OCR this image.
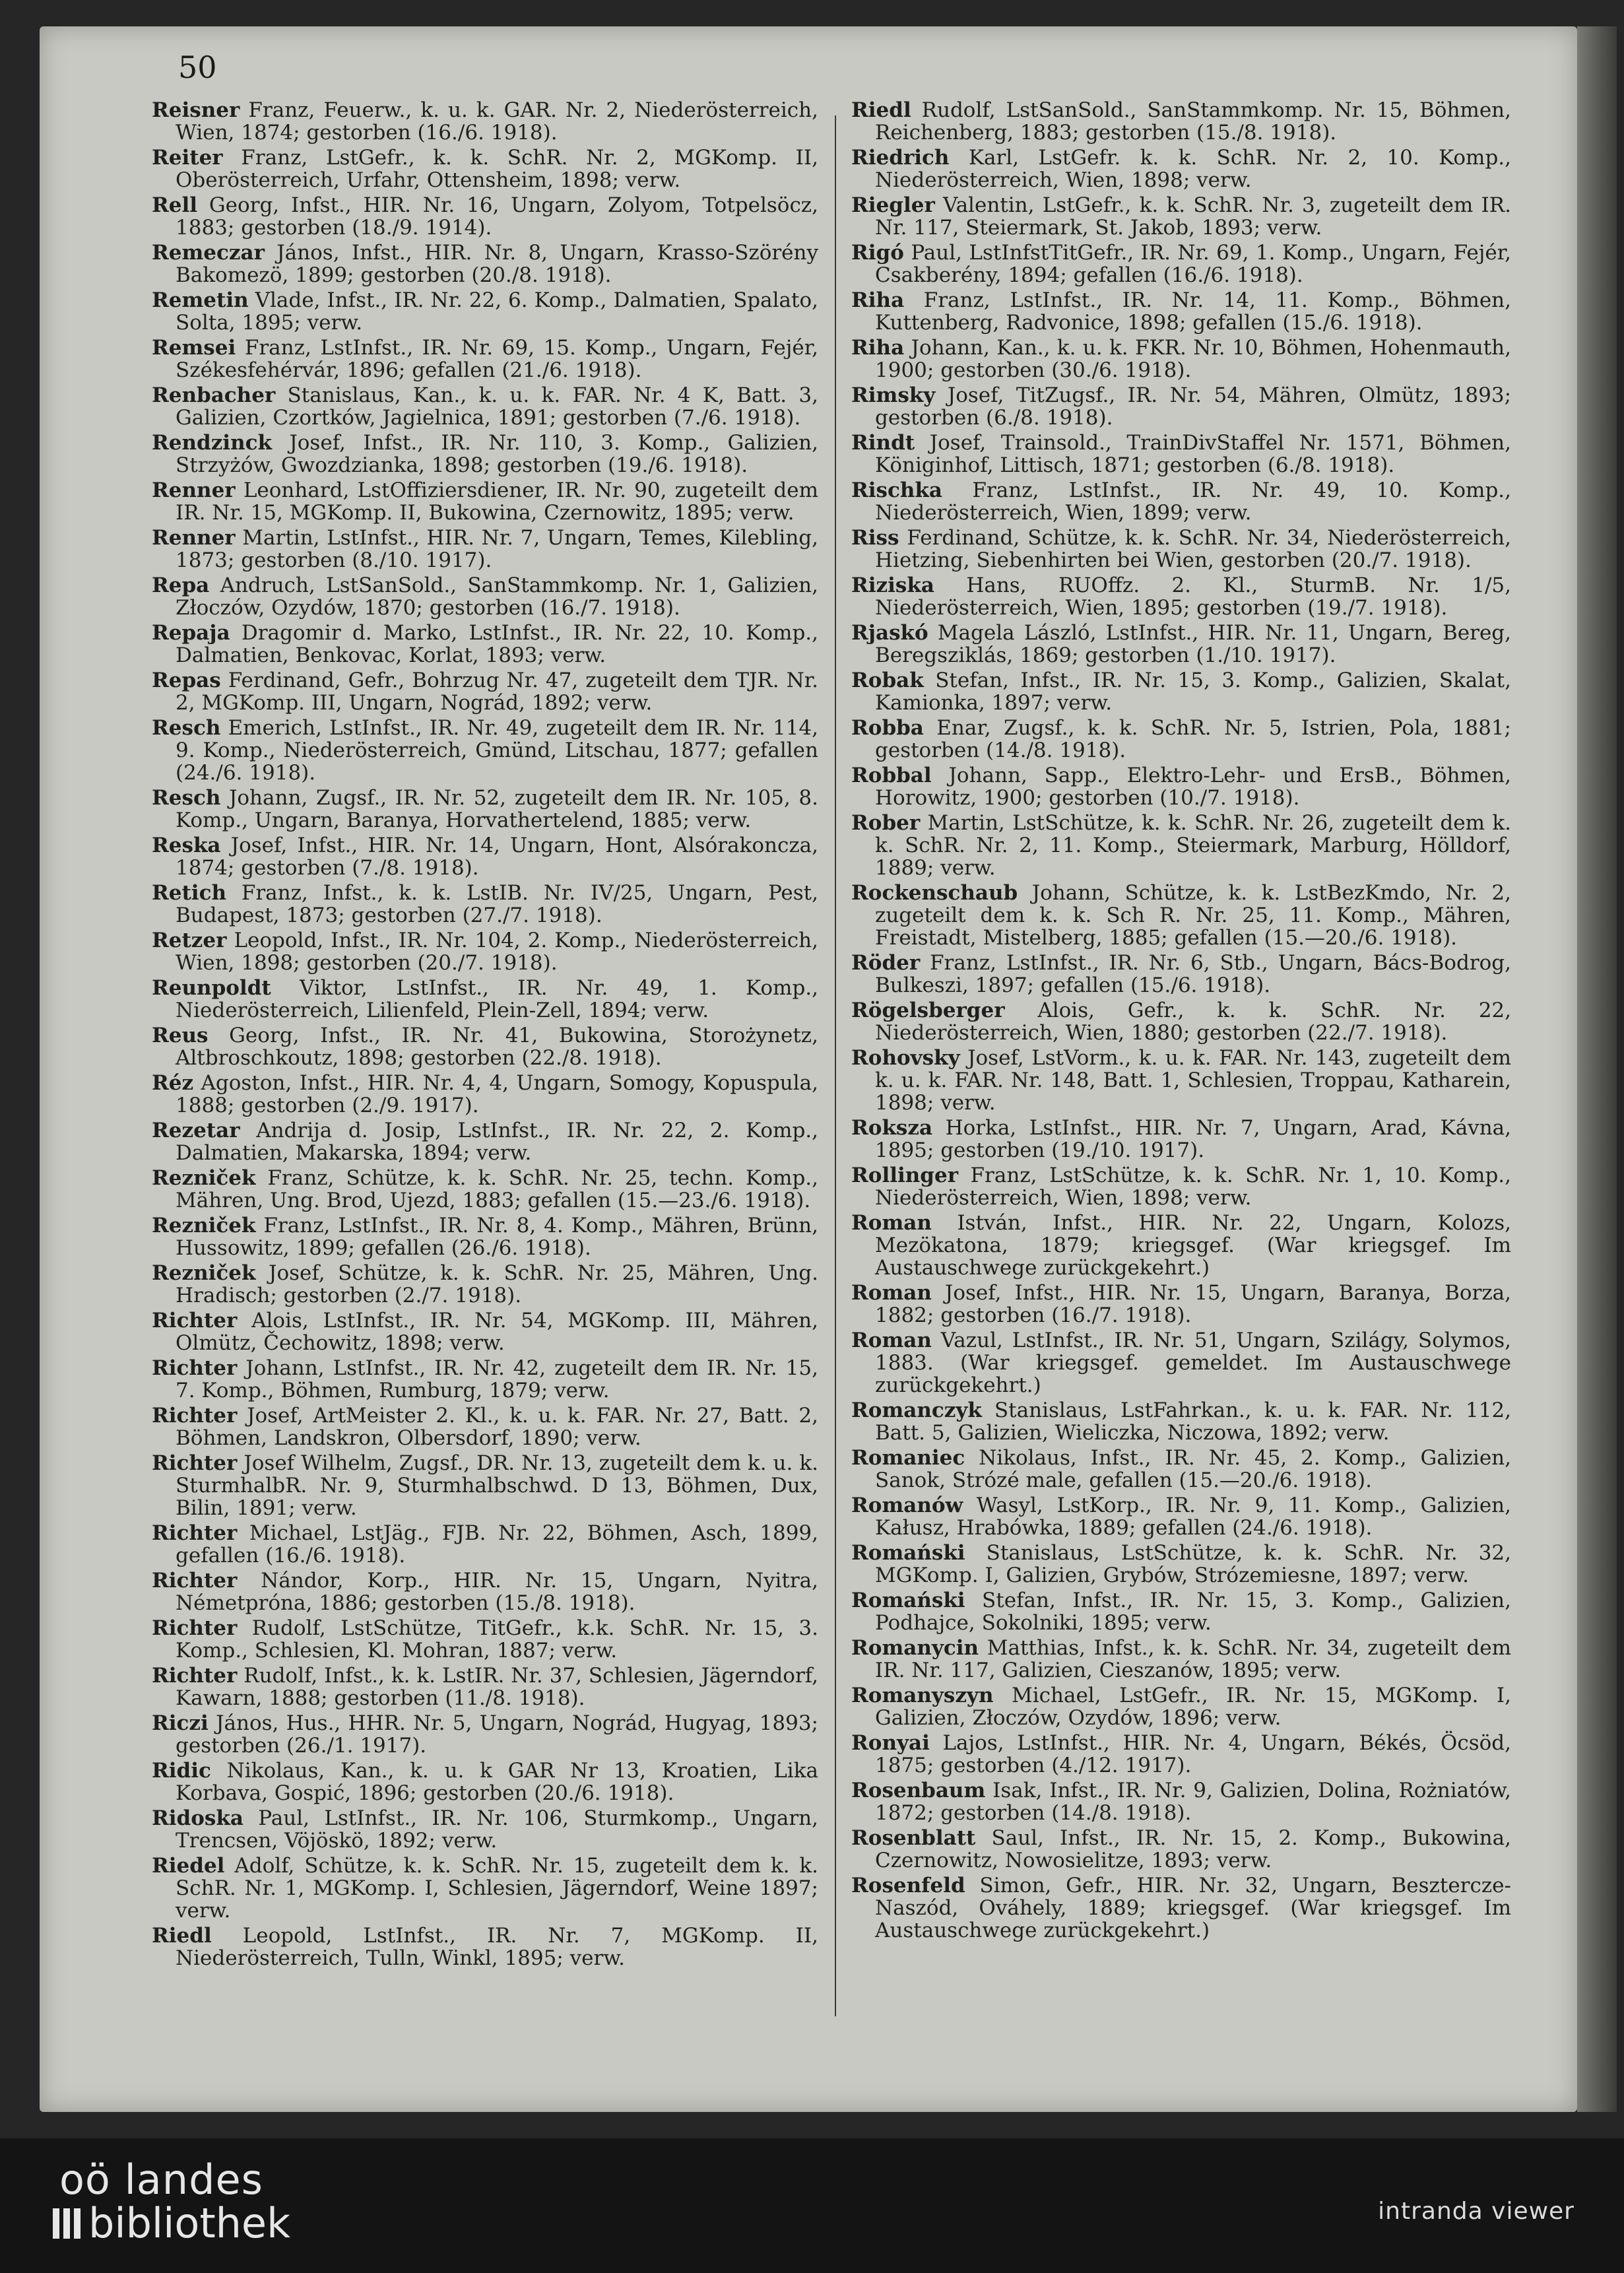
50

Reisner Franz, Feuerw., k. u. k. GAR. Nr. 2, Niederösterreich, Wien, 1874; gestorben (16./6. 1918).

Reiter Franz, LstGefr., k. k. SchR. Nr. 2, MGKomp. II, Oberösterreich, Urfahr, Ottensheim, 1898; verw.

Rell Georg, Infst., HIR. Nr. 16, Ungarn, Zolyom, Totpelsöcz, 1883; gestorben (18./9. 1914).

Remeczar János, Infst., HIR. Nr. 8, Ungarn, Krasso-Szörény Bakomezö, 1899; gestorben (20./8. 1918).

Remetin Vlade, Infst., IR. Nr. 22, 6. Komp., Dalmatien, Spalato, Solta, 1895; verw.

Remsei Franz, LstInfst., IR. Nr. 69, 15. Komp., Ungarn, Fejér, Székesfehérvár, 1896; gefallen (21./6. 1918).

Renbacher Stanislaus, Kan., k. u. k. FAR. Nr. 4 K, Batt. 3, Galizien, Czortków, Jagielnica, 1891; gestorben (7./6. 1918).

Rendzinck Josef, Infst., IR. Nr. 110, 3. Komp., Galizien, Strzyżów, Gwozdzianka, 1898; gestorben (19./6. 1918).

Renner Leonhard, LstOffiziersdiener, IR. Nr. 90, zugeteilt dem IR. Nr. 15, MGKomp. II, Bukowina, Czernowitz, 1895; verw.

Renner Martin, LstInfst., HIR. Nr. 7, Ungarn, Temes, Kilebling, 1873; gestorben (8./10. 1917).

Repa Andruch, LstSanSold., SanStammkomp. Nr. 1, Galizien, Złoczów, Ozydów, 1870; gestorben (16./7. 1918).

Repaja Dragomir d. Marko, LstInfst., IR. Nr. 22, 10. Komp., Dalmatien, Benkovac, Korlat, 1893; verw.

Repas Ferdinand, Gefr., Bohrzug Nr. 47, zugeteilt dem TJR. Nr. 2, MGKomp. III, Ungarn, Nográd, 1892; verw.

Resch Emerich, LstInfst., IR. Nr. 49, zugeteilt dem IR. Nr. 114, 9. Komp., Niederösterreich, Gmünd, Litschau, 1877; gefallen (24./6. 1918).

Resch Johann, Zugsf., IR. Nr. 52, zugeteilt dem IR. Nr. 105, 8. Komp., Ungarn, Baranya, Horvathertelend, 1885; verw.

Reska Josef, Infst., HIR. Nr. 14, Ungarn, Hont, Alsórakoncza, 1874; gestorben (7./8. 1918).

Retich Franz, Infst., k. k. LstIB. Nr. IV/25, Ungarn, Pest, Budapest, 1873; gestorben (27./7. 1918).

Retzer Leopold, Infst., IR. Nr. 104, 2. Komp., Niederösterreich, Wien, 1898; gestorben (20./7. 1918).

Reunpoldt Viktor, LstInfst., IR. Nr. 49, 1. Komp., Niederösterreich, Lilienfeld, Plein-Zell, 1894; verw.

Reus Georg, Infst., IR. Nr. 41, Bukowina, Storożynetz, Altbroschkoutz, 1898; gestorben (22./8. 1918).

Réz Agoston, Infst., HIR. Nr. 4, 4, Ungarn, Somogy, Kopuspula, 1888; gestorben (2./9. 1917).

Rezetar Andrija d. Josip, LstInfst., IR. Nr. 22, 2. Komp., Dalmatien, Makarska, 1894; verw.

Rezniček Franz, Schütze, k. k. SchR. Nr. 25, techn. Komp., Mähren, Ung. Brod, Ujezd, 1883; gefallen (15.—23./6. 1918).

Rezniček Franz, LstInfst., IR. Nr. 8, 4. Komp., Mähren, Brünn, Hussowitz, 1899; gefallen (26./6. 1918).

Rezniček Josef, Schütze, k. k. SchR. Nr. 25, Mähren, Ung. Hradisch; gestorben (2./7. 1918).

Richter Alois, LstInfst., IR. Nr. 54, MGKomp. III, Mähren, Olmütz, Čechowitz, 1898; verw.

Richter Johann, LstInfst., IR. Nr. 42, zugeteilt dem IR. Nr. 15, 7. Komp., Böhmen, Rumburg, 1879; verw.

Richter Josef, ArtMeister 2. Kl., k. u. k. FAR. Nr. 27, Batt. 2, Böhmen, Landskron, Olbersdorf, 1890; verw.

Richter Josef Wilhelm, Zugsf., DR. Nr. 13, zugeteilt dem k. u. k. SturmhalbR. Nr. 9, Sturmhalbschwd. D 13, Böhmen, Dux, Bilin, 1891; verw.

Richter Michael, LstJäg., FJB. Nr. 22, Böhmen, Asch, 1899, gefallen (16./6. 1918).

Richter Nándor, Korp., HIR. Nr. 15, Ungarn, Nyitra, Németpróna, 1886; gestorben (15./8. 1918).

Richter Rudolf, LstSchütze, TitGefr., k.k. SchR. Nr. 15, 3. Komp., Schlesien, Kl. Mohran, 1887; verw.

Richter Rudolf, Infst., k. k. LstIR. Nr. 37, Schlesien, Jägerndorf, Kawarn, 1888; gestorben (11./8. 1918).

Riczi János, Hus., HHR. Nr. 5, Ungarn, Nográd, Hugyag, 1893; gestorben (26./1. 1917).

Ridic Nikolaus, Kan., k. u. k GAR Nr 13, Kroatien, Lika Korbava, Gospić, 1896; gestorben (20./6. 1918).

Ridoska Paul, LstInfst., IR. Nr. 106, Sturmkomp., Ungarn, Trencsen, Vöjöskö, 1892; verw.

Riedel Adolf, Schütze, k. k. SchR. Nr. 15, zugeteilt dem k. k. SchR. Nr. 1, MGKomp. I, Schlesien, Jägerndorf, Weine 1897; verw.

Riedl Leopold, LstInfst., IR. Nr. 7, MGKomp. II, Niederösterreich, Tulln, Winkl, 1895; verw.

Riedl Rudolf, LstSanSold., SanStammkomp. Nr. 15, Böhmen, Reichenberg, 1883; gestorben (15./8. 1918).

Riedrich Karl, LstGefr. k. k. SchR. Nr. 2, 10. Komp., Niederösterreich, Wien, 1898; verw.

Riegler Valentin, LstGefr., k. k. SchR. Nr. 3, zugeteilt dem IR. Nr. 117, Steiermark, St. Jakob, 1893; verw.

Rigó Paul, LstInfstTitGefr., IR. Nr. 69, 1. Komp., Ungarn, Fejér, Csakberény, 1894; gefallen (16./6. 1918).

Riha Franz, LstInfst., IR. Nr. 14, 11. Komp., Böhmen, Kuttenberg, Radvonice, 1898; gefallen (15./6. 1918).

Riha Johann, Kan., k. u. k. FKR. Nr. 10, Böhmen, Hohenmauth, 1900; gestorben (30./6. 1918).

Rimsky Josef, TitZugsf., IR. Nr. 54, Mähren, Olmütz, 1893; gestorben (6./8. 1918).

Rindt Josef, Trainsold., TrainDivStaffel Nr. 1571, Böhmen, Königinhof, Littisch, 1871; gestorben (6./8. 1918).

Rischka Franz, LstInfst., IR. Nr. 49, 10. Komp., Niederösterreich, Wien, 1899; verw.

Riss Ferdinand, Schütze, k. k. SchR. Nr. 34, Niederösterreich, Hietzing, Siebenhirten bei Wien, gestorben (20./7. 1918).

Riziska Hans, RUOffz. 2. Kl., SturmB. Nr. 1/5, Niederösterreich, Wien, 1895; gestorben (19./7. 1918).

Rjaskó Magela László, LstInfst., HIR. Nr. 11, Ungarn, Bereg, Beregsziklás, 1869; gestorben (1./10. 1917).

Robak Stefan, Infst., IR. Nr. 15, 3. Komp., Galizien, Skalat, Kamionka, 1897; verw.

Robba Enar, Zugsf., k. k. SchR. Nr. 5, Istrien, Pola, 1881; gestorben (14./8. 1918).

Robbal Johann, Sapp., Elektro-Lehr- und ErsB., Böhmen, Horowitz, 1900; gestorben (10./7. 1918).

Rober Martin, LstSchütze, k. k. SchR. Nr. 26, zugeteilt dem k. k. SchR. Nr. 2, 11. Komp., Steiermark, Marburg, Hölldorf, 1889; verw.

Rockenschaub Johann, Schütze, k. k. LstBezKmdo, Nr. 2, zugeteilt dem k. k. Sch R. Nr. 25, 11. Komp., Mähren, Freistadt, Mistelberg, 1885; gefallen (15.—20./6. 1918).

Röder Franz, LstInfst., IR. Nr. 6, Stb., Ungarn, Bács-Bodrog, Bulkeszi, 1897; gefallen (15./6. 1918).

Rögelsberger Alois, Gefr., k. k. SchR. Nr. 22, Niederösterreich, Wien, 1880; gestorben (22./7. 1918).

Rohovsky Josef, LstVorm., k. u. k. FAR. Nr. 143, zugeteilt dem k. u. k. FAR. Nr. 148, Batt. 1, Schlesien, Troppau, Katharein, 1898; verw.

Roksza Horka, LstInfst., HIR. Nr. 7, Ungarn, Arad, Kávna, 1895; gestorben (19./10. 1917).

Rollinger Franz, LstSchütze, k. k. SchR. Nr. 1, 10. Komp., Niederösterreich, Wien, 1898; verw.

Roman István, Infst., HIR. Nr. 22, Ungarn, Kolozs, Mezökatona, 1879; kriegsgef. (War kriegsgef. Im Austauschwege zurückgekehrt.)

Roman Josef, Infst., HIR. Nr. 15, Ungarn, Baranya, Borza, 1882; gestorben (16./7. 1918).

Roman Vazul, LstInfst., IR. Nr. 51, Ungarn, Szilágy, Solymos, 1883. (War kriegsgef. gemeldet. Im Austauschwege zurückgekehrt.)

Romanczyk Stanislaus, LstFahrkan., k. u. k. FAR. Nr. 112, Batt. 5, Galizien, Wieliczka, Niczowa, 1892; verw.

Romaniec Nikolaus, Infst., IR. Nr. 45, 2. Komp., Galizien, Sanok, Strózé male, gefallen (15.—20./6. 1918).

Romanów Wasyl, LstKorp., IR. Nr. 9, 11. Komp., Galizien, Kałusz, Hrabówka, 1889; gefallen (24./6. 1918).

Romański Stanislaus, LstSchütze, k. k. SchR. Nr. 32, MGKomp. I, Galizien, Grybów, Strózemiesne, 1897; verw.

Romański Stefan, Infst., IR. Nr. 15, 3. Komp., Galizien, Podhajce, Sokolniki, 1895; verw.

Romanycin Matthias, Infst., k. k. SchR. Nr. 34, zugeteilt dem IR. Nr. 117, Galizien, Cieszanów, 1895; verw.

Romanyszyn Michael, LstGefr., IR. Nr. 15, MGKomp. I, Galizien, Złoczów, Ozydów, 1896; verw.

Ronyai Lajos, LstInfst., HIR. Nr. 4, Ungarn, Békés, Öcsöd, 1875; gestorben (4./12. 1917).

Rosenbaum Isak, Infst., IR. Nr. 9, Galizien, Dolina, Rożniatów, 1872; gestorben (14./8. 1918).

Rosenblatt Saul, Infst., IR. Nr. 15, 2. Komp., Bukowina, Czernowitz, Nowosielitze, 1893; verw.

Rosenfeld Simon, Gefr., HIR. Nr. 32, Ungarn, Besztercze-Naszód, Ováhely, 1889; kriegsgef. (War kriegsgef. Im Austauschwege zurückgekehrt.)

oö landes
bibliothek	intranda viewer
